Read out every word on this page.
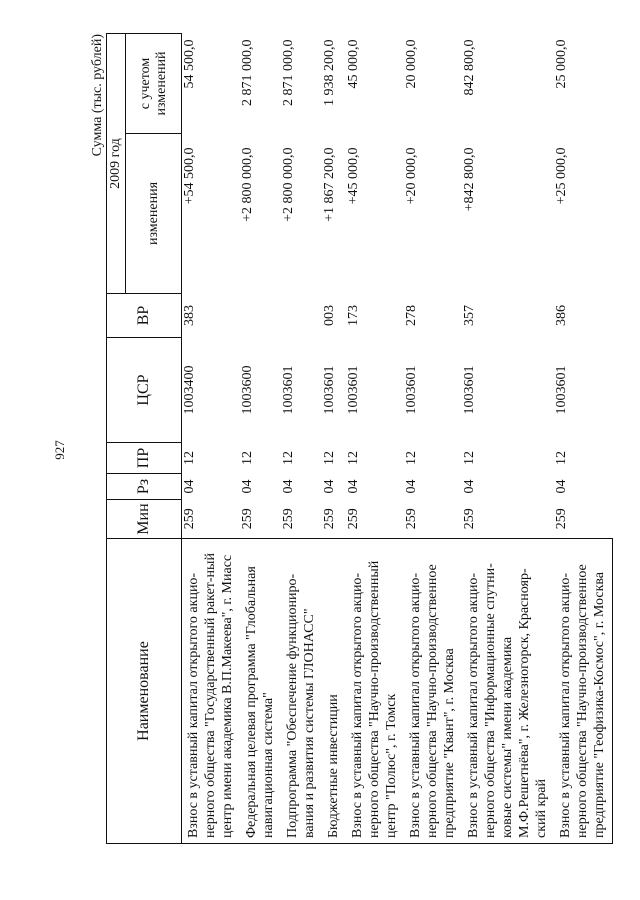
927
Сумма (тыс. рублей)
Наименование	Мин	Рз	ПР	ЦСР	ВР	2009 год	
						изменения	с учетом изменений
Взнос в уставный капитал открытого акцио-нерного общества "Государственный ракет-ный центр имени академика В.П.Макеева", г. Миасс	259	04	12	1003400	383	+54 500,0	54 500,0
Федеральная целевая программа "Глобальная навигационная система"	259	04	12	1003600		+2 800 000,0	2 871 000,0
Подпрограмма "Обеспечение функциониро-вания и развития системы ГЛОНАСС"	259	04	12	1003601		+2 800 000,0	2 871 000,0
Бюджетные инвестиции	259	04	12	1003601	003	+1 867 200,0	1 938 200,0
Взнос в уставный капитал открытого акцио-нерного общества "Научно-производственный центр "Полюс", г. Томск	259	04	12	1003601	173	+45 000,0	45 000,0
Взнос в уставный капитал открытого акцио-нерного общества "Научно-производственное предприятие "Квант", г. Москва	259	04	12	1003601	278	+20 000,0	20 000,0
Взнос в уставный капитал открытого акцио-нерного общества "Информационные спутни-ковые системы" имени академика М.Ф.Решетнёва", г. Железногорск, Краснояр-ский край	259	04	12	1003601	357	+842 800,0	842 800,0
Взнос в уставный капитал открытого акцио-нерного общества "Научно-производственное предприятие "Геофизика-Космос", г. Москва	259	04	12	1003601	386	+25 000,0	25 000,0
